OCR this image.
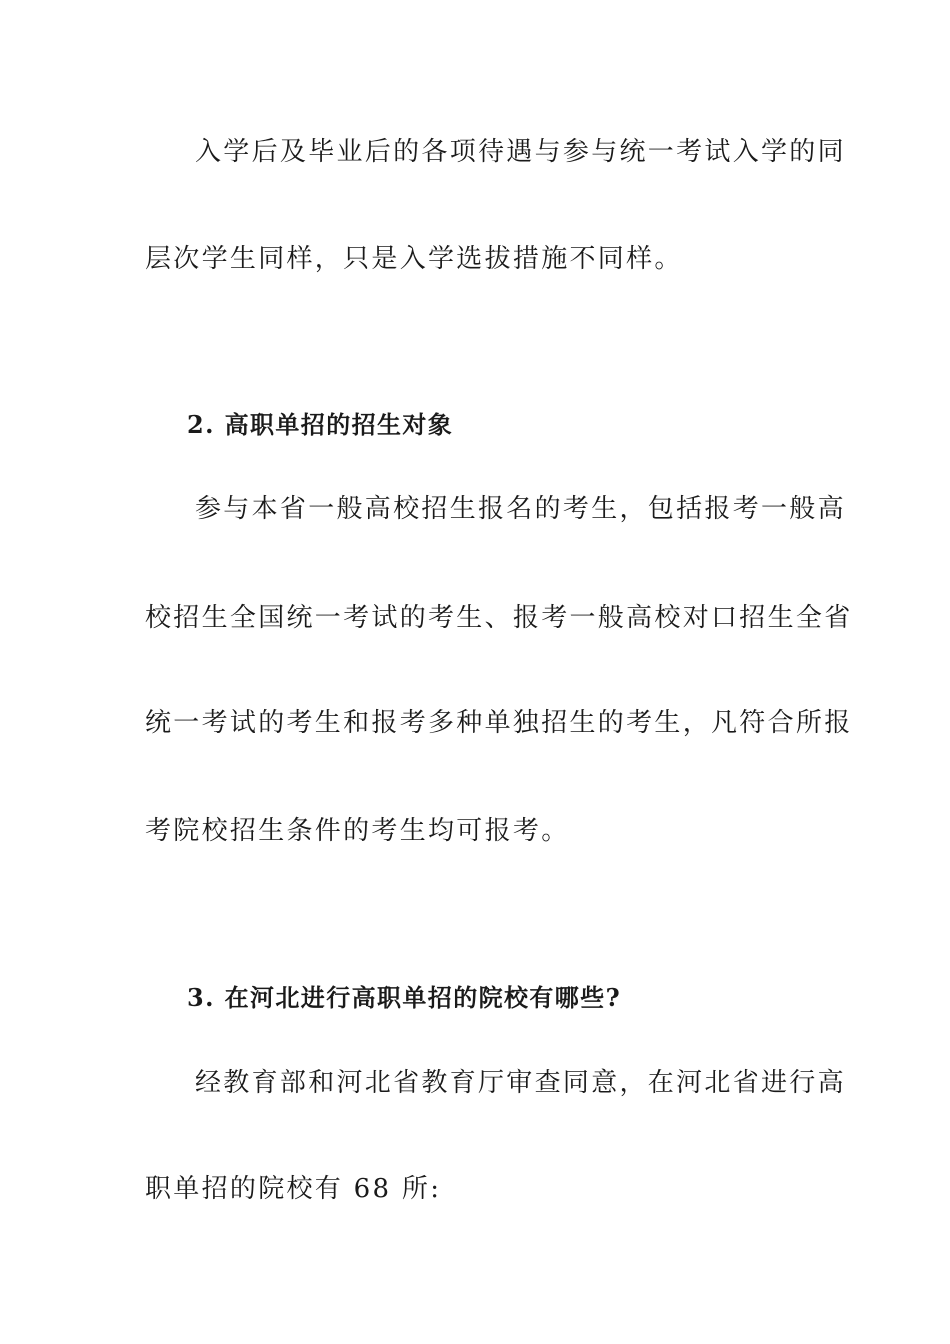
入学后及毕业后的各项待遇与参与统一考试入学的同
层次学生同样，只是入学选拔措施不同样。
2. 高职单招的招生对象
参与本省一般高校招生报名的考生，包括报考一般高
校招生全国统一考试的考生、报考一般高校对口招生全省
统一考试的考生和报考多种单独招生的考生，凡符合所报
考院校招生条件的考生均可报考。
3. 在河北进行高职单招的院校有哪些?
经教育部和河北省教育厅审查同意，在河北省进行高
职单招的院校有 68 所:
